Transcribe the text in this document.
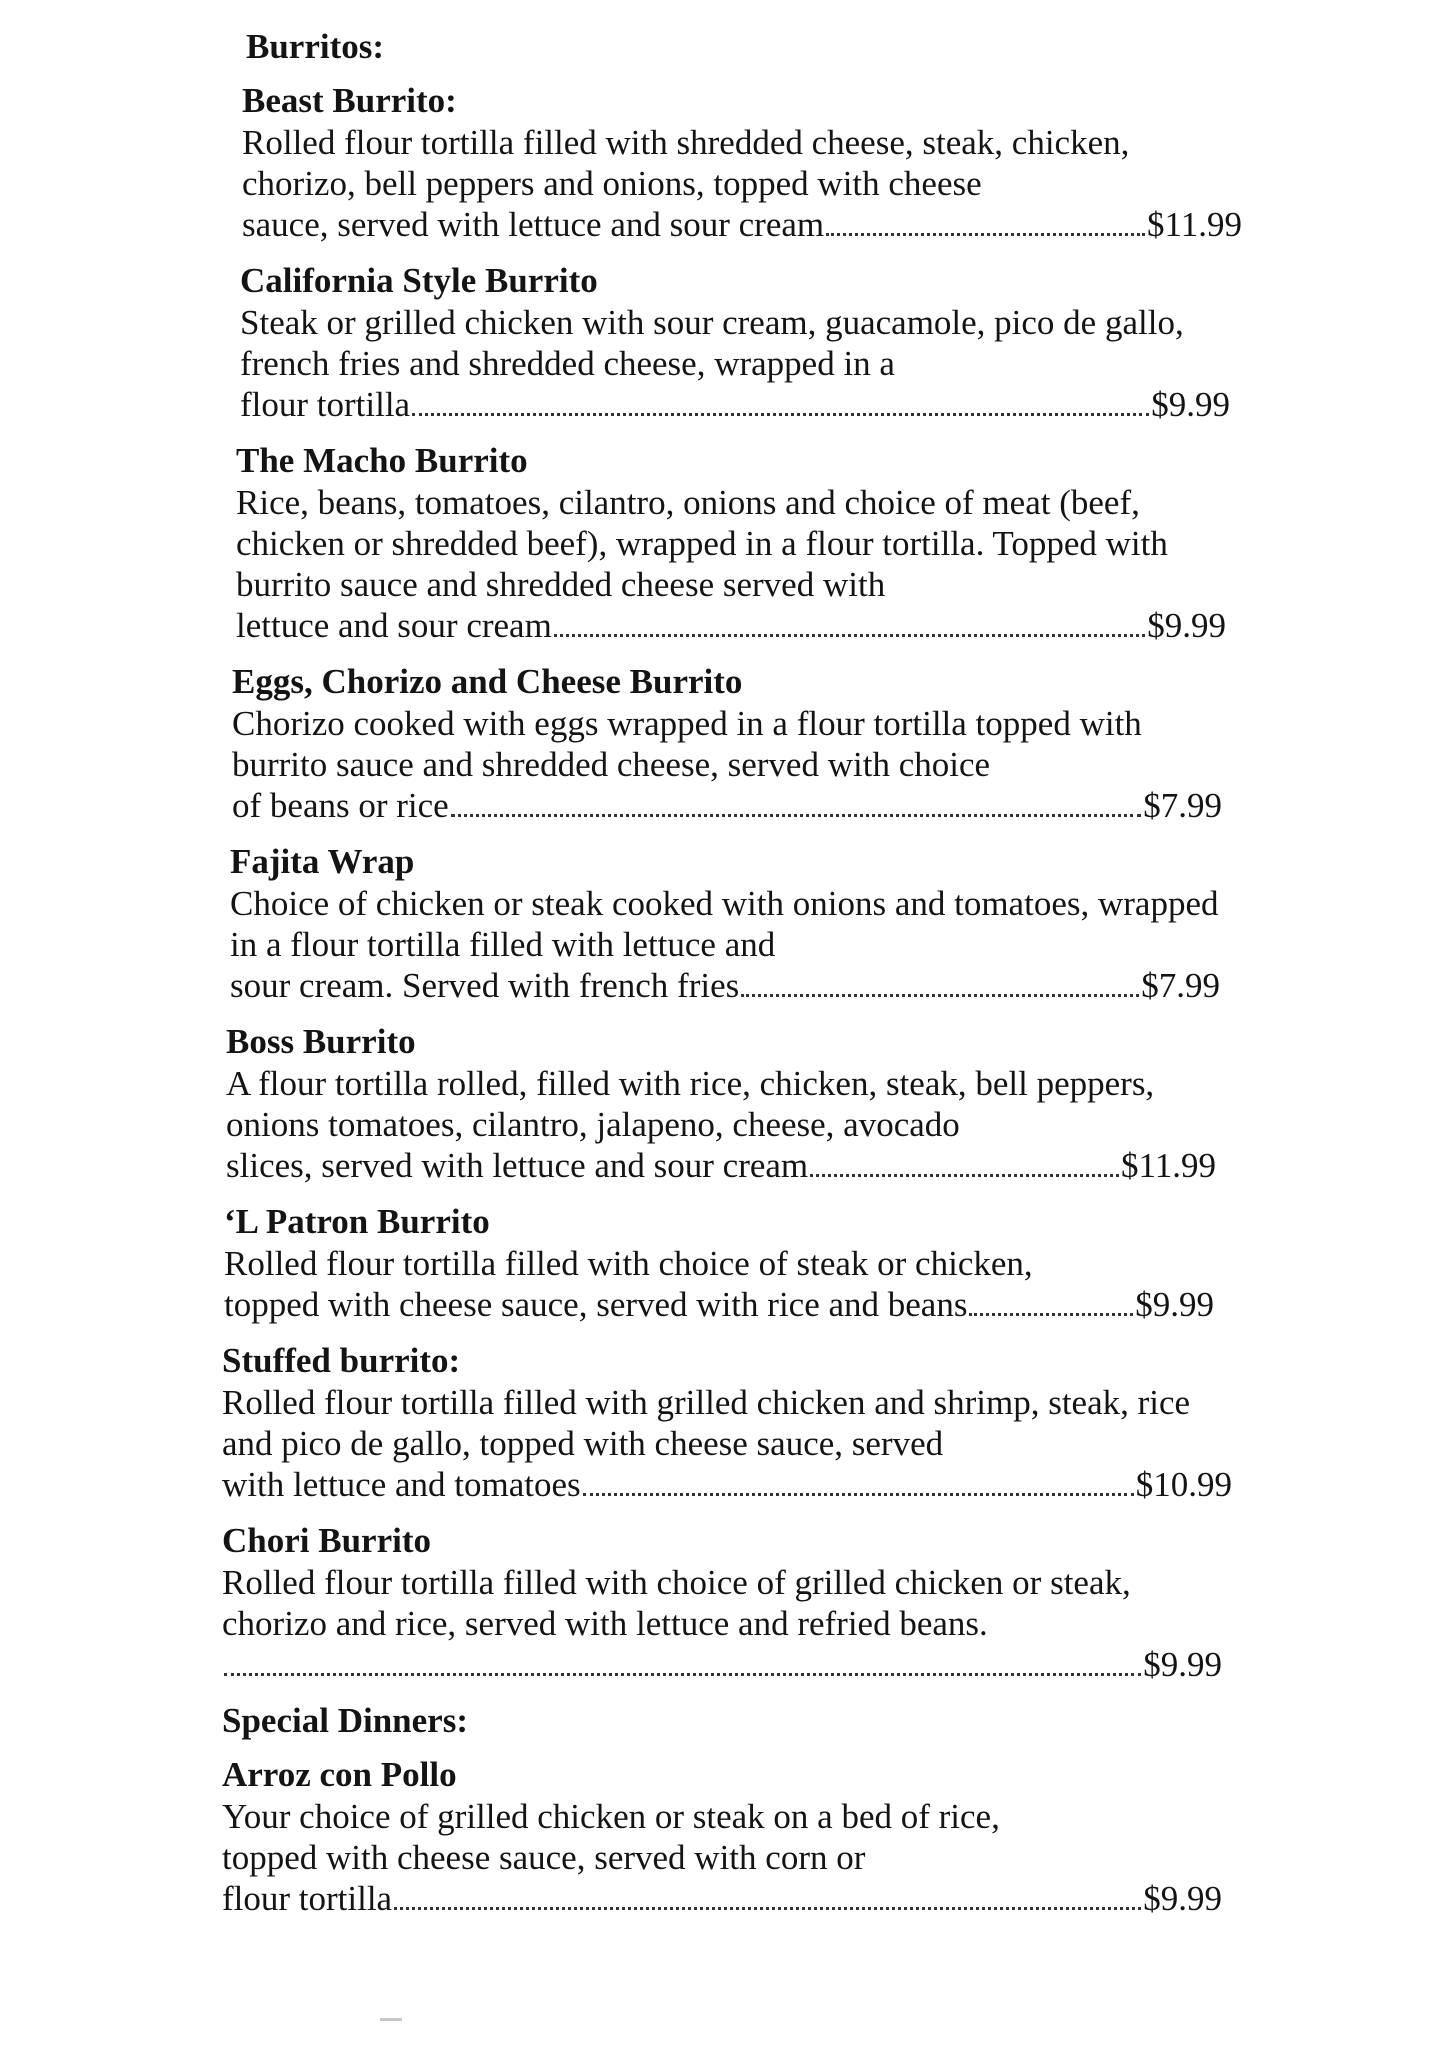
Burritos:
Beast Burrito:
Rolled flour tortilla filled with shredded cheese, steak, chicken, chorizo, bell peppers and onions, topped with cheese
sauce, served with lettuce and sour cream	$11.99
California Style Burrito
Steak or grilled chicken with sour cream, guacamole, pico de gallo, french fries and shredded cheese, wrapped in a
flour tortilla	$9.99
The Macho Burrito
Rice, beans, tomatoes, cilantro, onions and choice of meat (beef, chicken or shredded beef), wrapped in a flour tortilla. Topped with burrito sauce and shredded cheese served with
lettuce and sour cream	$9.99
Eggs, Chorizo and Cheese Burrito
Chorizo cooked with eggs wrapped in a flour tortilla topped with burrito sauce and shredded cheese, served with choice
of beans or rice	$7.99
Fajita Wrap
Choice of chicken or steak cooked with onions and tomatoes, wrapped in a flour tortilla filled with lettuce and
sour cream. Served with french fries	$7.99
Boss Burrito
A flour tortilla rolled, filled with rice, chicken, steak, bell peppers, onions tomatoes, cilantro, jalapeno, cheese, avocado
slices, served with lettuce and sour cream	$11.99
‘L Patron Burrito
Rolled flour tortilla filled with choice of steak or chicken,
topped with cheese sauce, served with rice and beans	$9.99
Stuffed burrito:
Rolled flour tortilla filled with grilled chicken and shrimp, steak, rice and pico de gallo, topped with cheese sauce, served
with lettuce and tomatoes	$10.99
Chori Burrito
Rolled flour tortilla filled with choice of grilled chicken or steak, chorizo and rice, served with lettuce and refried beans.
$9.99
Special Dinners:
Arroz con Pollo
Your choice of grilled chicken or steak on a bed of rice, topped with cheese sauce, served with corn or
flour tortilla	$9.99
